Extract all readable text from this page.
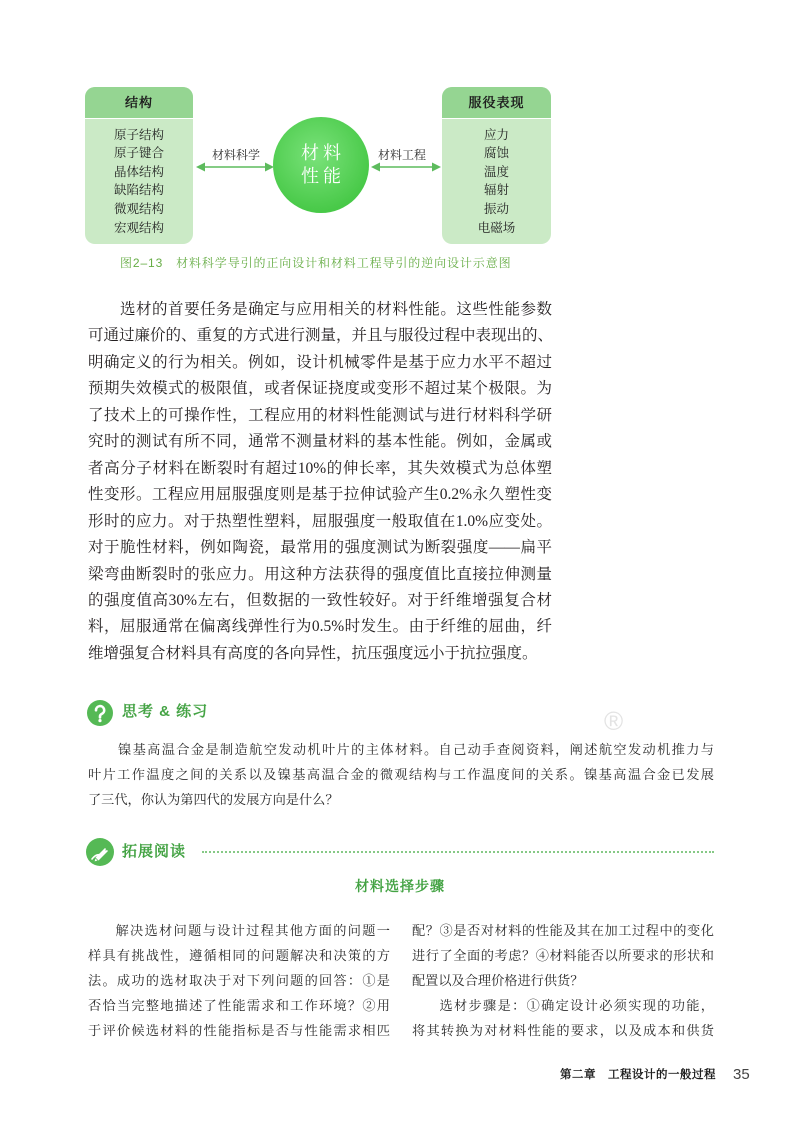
结构
原子结构
原子键合
晶体结构
缺陷结构
微观结构
宏观结构
材料科学	材料
性能
材料工程
服役表现
应力
腐蚀
温度
辐射
振动
电磁场
图2–13　材料科学导引的正向设计和材料工程导引的逆向设计示意图
选材的首要任务是确定与应用相关的材料性能。这些性能参数
可通过廉价的、重复的方式进行测量，并且与服役过程中表现出的、
明确定义的行为相关。例如，设计机械零件是基于应力水平不超过
预期失效模式的极限值，或者保证挠度或变形不超过某个极限。为
了技术上的可操作性，工程应用的材料性能测试与进行材料科学研
究时的测试有所不同，通常不测量材料的基本性能。例如，金属或
者高分子材料在断裂时有超过10%的伸长率，其失效模式为总体塑
性变形。工程应用屈服强度则是基于拉伸试验产生0.2%永久塑性变
形时的应力。对于热塑性塑料，屈服强度一般取值在1.0%应变处。
对于脆性材料，例如陶瓷，最常用的强度测试为断裂强度——扁平
梁弯曲断裂时的张应力。用这种方法获得的强度值比直接拉伸测量
的强度值高30%左右，但数据的一致性较好。对于纤维增强复合材
料，屈服通常在偏离线弹性行为0.5%时发生。由于纤维的屈曲，纤
维增强复合材料具有高度的各向异性，抗压强度远小于抗拉强度。
思考 & 练习	®
镍基高温合金是制造航空发动机叶片的主体材料。自己动手查阅资料，阐述航空发动机推力与
叶片工作温度之间的关系以及镍基高温合金的微观结构与工作温度间的关系。镍基高温合金已发展
了三代，你认为第四代的发展方向是什么？
拓展阅读
材料选择步骤
解决选材问题与设计过程其他方面的问题一
样具有挑战性，遵循相同的问题解决和决策的方
法。成功的选材取决于对下列问题的回答：①是
否恰当完整地描述了性能需求和工作环境？②用
于评价候选材料的性能指标是否与性能需求相匹
配？③是否对材料的性能及其在加工过程中的变化
进行了全面的考虑？④材料能否以所要求的形状和
配置以及合理价格进行供货？
选材步骤是：①确定设计必须实现的功能，
将其转换为对材料性能的要求，以及成本和供货
第二章　工程设计的一般过程 35
